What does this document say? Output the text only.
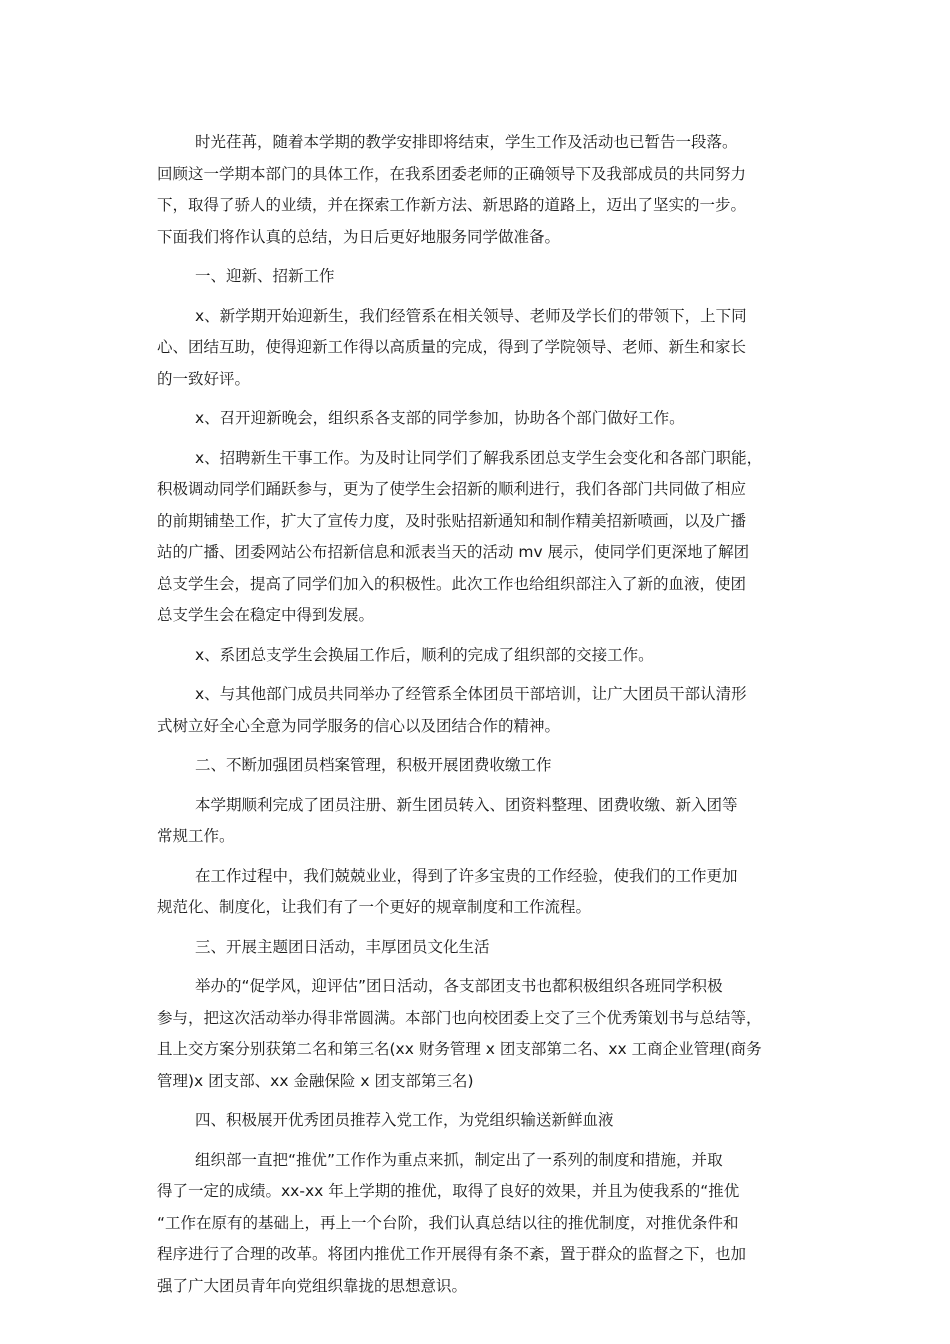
时光荏苒，随着本学期的教学安排即将结束，学生工作及活动也已暂告一段落。
回顾这一学期本部门的具体工作，在我系团委老师的正确领导下及我部成员的共同努力
下，取得了骄人的业绩，并在探索工作新方法、新思路的道路上，迈出了坚实的一步。
下面我们将作认真的总结，为日后更好地服务同学做准备。
一、迎新、招新工作
x、新学期开始迎新生，我们经管系在相关领导、老师及学长们的带领下，上下同
心、团结互助，使得迎新工作得以高质量的完成，得到了学院领导、老师、新生和家长
的一致好评。
x、召开迎新晚会，组织系各支部的同学参加，协助各个部门做好工作。
x、招聘新生干事工作。为及时让同学们了解我系团总支学生会变化和各部门职能，
积极调动同学们踊跃参与，更为了使学生会招新的顺利进行，我们各部门共同做了相应
的前期铺垫工作，扩大了宣传力度，及时张贴招新通知和制作精美招新喷画，以及广播
站的广播、团委网站公布招新信息和派表当天的活动 mv 展示，使同学们更深地了解团
总支学生会，提高了同学们加入的积极性。此次工作也给组织部注入了新的血液，使团
总支学生会在稳定中得到发展。
x、系团总支学生会换届工作后，顺利的完成了组织部的交接工作。
x、与其他部门成员共同举办了经管系全体团员干部培训，让广大团员干部认清形
式树立好全心全意为同学服务的信心以及团结合作的精神。
二、不断加强团员档案管理，积极开展团费收缴工作
本学期顺利完成了团员注册、新生团员转入、团资料整理、团费收缴、新入团等
常规工作。
在工作过程中，我们兢兢业业，得到了许多宝贵的工作经验，使我们的工作更加
规范化、制度化，让我们有了一个更好的规章制度和工作流程。
三、开展主题团日活动，丰厚团员文化生活
举办的“促学风，迎评估”团日活动，各支部团支书也都积极组织各班同学积极
参与，把这次活动举办得非常圆满。本部门也向校团委上交了三个优秀策划书与总结等，
且上交方案分别获第二名和第三名(xx 财务管理 x 团支部第二名、xx 工商企业管理(商务
管理)x 团支部、xx 金融保险 x 团支部第三名)
四、积极展开优秀团员推荐入党工作，为党组织输送新鲜血液
组织部一直把“推优”工作作为重点来抓，制定出了一系列的制度和措施，并取
得了一定的成绩。xx-xx 年上学期的推优，取得了良好的效果，并且为使我系的“推优
“工作在原有的基础上，再上一个台阶，我们认真总结以往的推优制度，对推优条件和
程序进行了合理的改革。将团内推优工作开展得有条不紊，置于群众的监督之下，也加
强了广大团员青年向党组织靠拢的思想意识。
